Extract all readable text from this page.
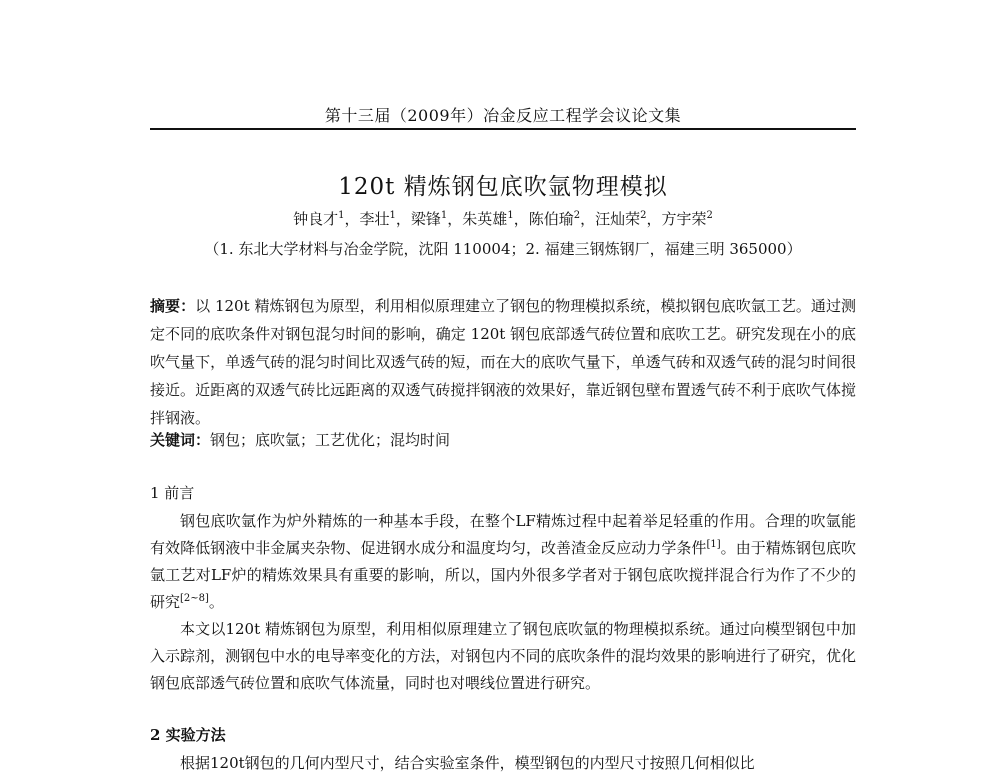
第十三届（2009年）冶金反应工程学会议论文集
120t 精炼钢包底吹氩物理模拟
钟良才$^1$，李壮$^1$，梁锋$^1$，朱英雄$^1$，陈伯瑜$^2$，汪灿荣$^2$，方宇荣$^2$
（1. 东北大学材料与冶金学院，沈阳 110004；2. 福建三钢炼钢厂，福建三明 365000）
摘要：以 120t 精炼钢包为原型，利用相似原理建立了钢包的物理模拟系统，模拟钢包底吹氩工艺。通过测定不同的底吹条件对钢包混匀时间的影响，确定 120t 钢包底部透气砖位置和底吹工艺。研究发现在小的底吹气量下，单透气砖的混匀时间比双透气砖的短，而在大的底吹气量下，单透气砖和双透气砖的混匀时间很接近。近距离的双透气砖比远距离的双透气砖搅拌钢液的效果好，靠近钢包壁布置透气砖不利于底吹气体搅拌钢液。
关键词：钢包；底吹氩；工艺优化；混均时间
1 前言
钢包底吹氩作为炉外精炼的一种基本手段，在整个LF精炼过程中起着举足轻重的作用。合理的吹氩能有效降低钢液中非金属夹杂物、促进钢水成分和温度均匀，改善渣金反应动力学条件[1]。由于精炼钢包底吹氩工艺对LF炉的精炼效果具有重要的影响，所以，国内外很多学者对于钢包底吹搅拌混合行为作了不少的研究[2~8]。
本文以120t 精炼钢包为原型，利用相似原理建立了钢包底吹氩的物理模拟系统。通过向模型钢包中加入示踪剂，测钢包中水的电导率变化的方法，对钢包内不同的底吹条件的混均效果的影响进行了研究，优化钢包底部透气砖位置和底吹气体流量，同时也对喂线位置进行研究。
2 实验方法
根据120t钢包的几何内型尺寸，结合实验室条件，模型钢包的内型尺寸按照几何相似比
